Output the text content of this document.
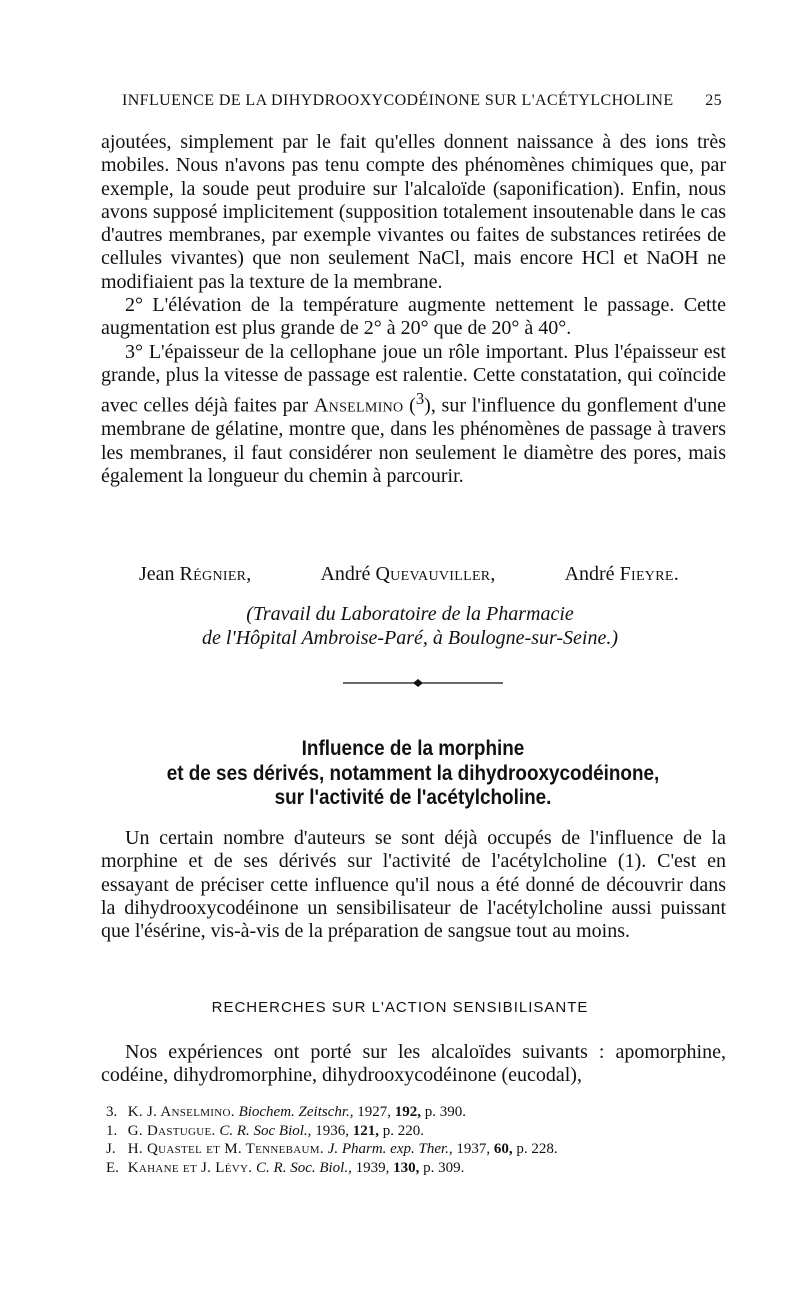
INFLUENCE DE LA DIHYDROOXYCODÉINONE SUR L'ACÉTYLCHOLINE 25

ajoutées, simplement par le fait qu'elles donnent naissance à des ions très mobiles. Nous n'avons pas tenu compte des phénomènes chimiques que, par exemple, la soude peut produire sur l'alcaloïde (saponification). Enfin, nous avons supposé implicitement (supposition totalement insoutenable dans le cas d'autres membranes, par exemple vivantes ou faites de substances retirées de cellules vivantes) que non seulement NaCl, mais encore HCl et NaOH ne modifiaient pas la texture de la membrane.

2° L'élévation de la température augmente nettement le passage. Cette augmentation est plus grande de 2° à 20° que de 20° à 40°.

3° L'épaisseur de la cellophane joue un rôle important. Plus l'épaisseur est grande, plus la vitesse de passage est ralentie. Cette constatation, qui coïncide avec celles déjà faites par Anselmino ($^3$), sur l'influence du gonflement d'une membrane de gélatine, montre que, dans les phénomènes de passage à travers les membranes, il faut considérer non seulement le diamètre des pores, mais également la longueur du chemin à parcourir.

Jean Régnier,	André Quevauviller,	André Fieyre.
(Travail du Laboratoire de la Pharmacie
de l'Hôpital Ambroise-Paré, à Boulogne-sur-Seine.)
Influence de la morphine
et de ses dérivés, notamment la dihydrooxycodéinone,
sur l'activité de l'acétylcholine.

Un certain nombre d'auteurs se sont déjà occupés de l'influence de la morphine et de ses dérivés sur l'activité de l'acétylcholine (1). C'est en essayant de préciser cette influence qu'il nous a été donné de découvrir dans la dihydrooxycodéinone un sensibilisateur de l'acétylcholine aussi puissant que l'ésérine, vis-à-vis de la préparation de sangsue tout au moins.

RECHERCHES SUR L'ACTION SENSIBILISANTE

Nos expériences ont porté sur les alcaloïdes suivants : apomorphine, codéine, dihydromorphine, dihydrooxycodéinone (eucodal),

3. K. J. Anselmino. Biochem. Zeitschr., 1927, 192, p. 390.
1. G. Dastugue. C. R. Soc Biol., 1936, 121, p. 220.
J. H. Quastel et M. Tennebaum. J. Pharm. exp. Ther., 1937, 60, p. 228.
E. Kahane et J. Lévy. C. R. Soc. Biol., 1939, 130, p. 309.
